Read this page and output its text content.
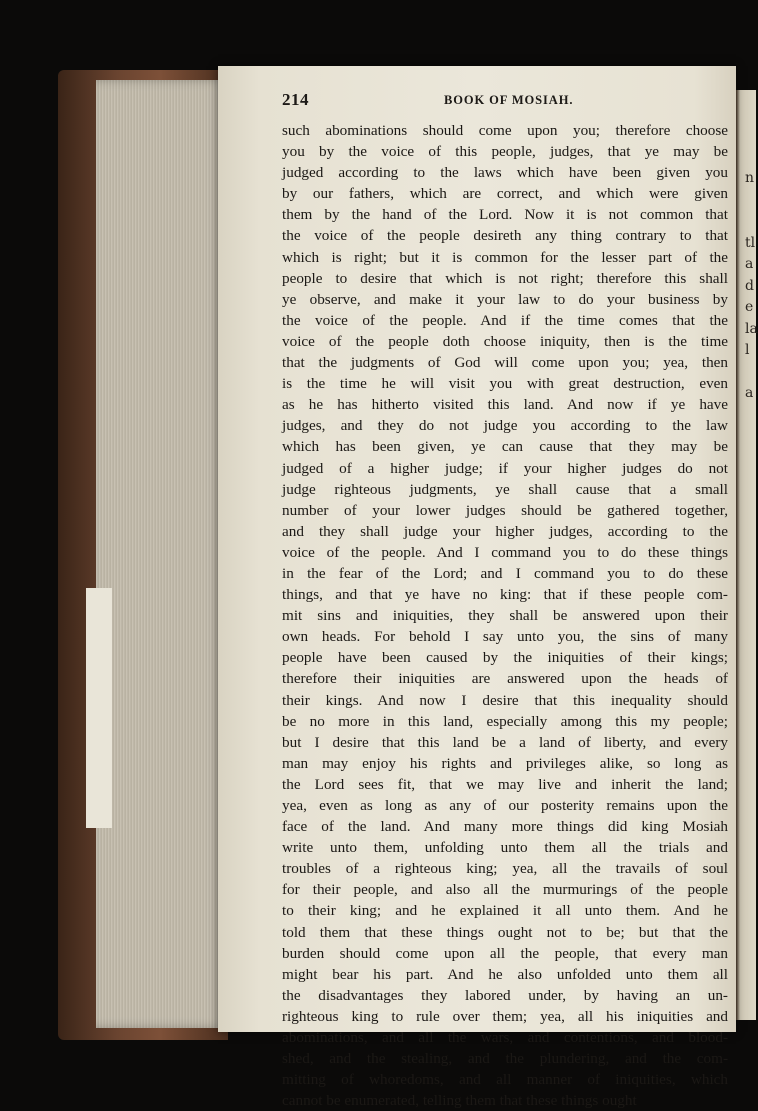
n

tl
a
d
e
la
l

a

214	BOOK OF MOSIAH.
such abominations should come upon you; therefore choose
you by the voice of this people, judges, that ye may be
judged according to the laws which have been given you
by our fathers, which are correct, and which were given
them by the hand of the Lord. Now it is not common that
the voice of the people desireth any thing contrary to that
which is right; but it is common for the lesser part of the
people to desire that which is not right; therefore this shall
ye observe, and make it your law to do your business by
the voice of the people. And if the time comes that the
voice of the people doth choose iniquity, then is the time
that the judgments of God will come upon you; yea, then
is the time he will visit you with great destruction, even
as he has hitherto visited this land. And now if ye have
judges, and they do not judge you according to the law
which has been given, ye can cause that they may be
judged of a higher judge; if your higher judges do not
judge righteous judgments, ye shall cause that a small
number of your lower judges should be gathered together,
and they shall judge your higher judges, according to the
voice of the people. And I command you to do these things
in the fear of the Lord; and I command you to do these
things, and that ye have no king: that if these people com-
mit sins and iniquities, they shall be answered upon their
own heads. For behold I say unto you, the sins of many
people have been caused by the iniquities of their kings;
therefore their iniquities are answered upon the heads of
their kings. And now I desire that this inequality should
be no more in this land, especially among this my people;
but I desire that this land be a land of liberty, and every
man may enjoy his rights and privileges alike, so long as
the Lord sees fit, that we may live and inherit the land;
yea, even as long as any of our posterity remains upon the
face of the land. And many more things did king Mosiah
write unto them, unfolding unto them all the trials and
troubles of a righteous king; yea, all the travails of soul
for their people, and also all the murmurings of the people
to their king; and he explained it all unto them. And he
told them that these things ought not to be; but that the
burden should come upon all the people, that every man
might bear his part. And he also unfolded unto them all
the disadvantages they labored under, by having an un-
righteous king to rule over them; yea, all his iniquities and
abominations, and all the wars, and contentions, and blood-
shed, and the stealing, and the plundering, and the com-
mitting of whoredoms, and all manner of iniquities, which
cannot be enumerated, telling them that these things ought
